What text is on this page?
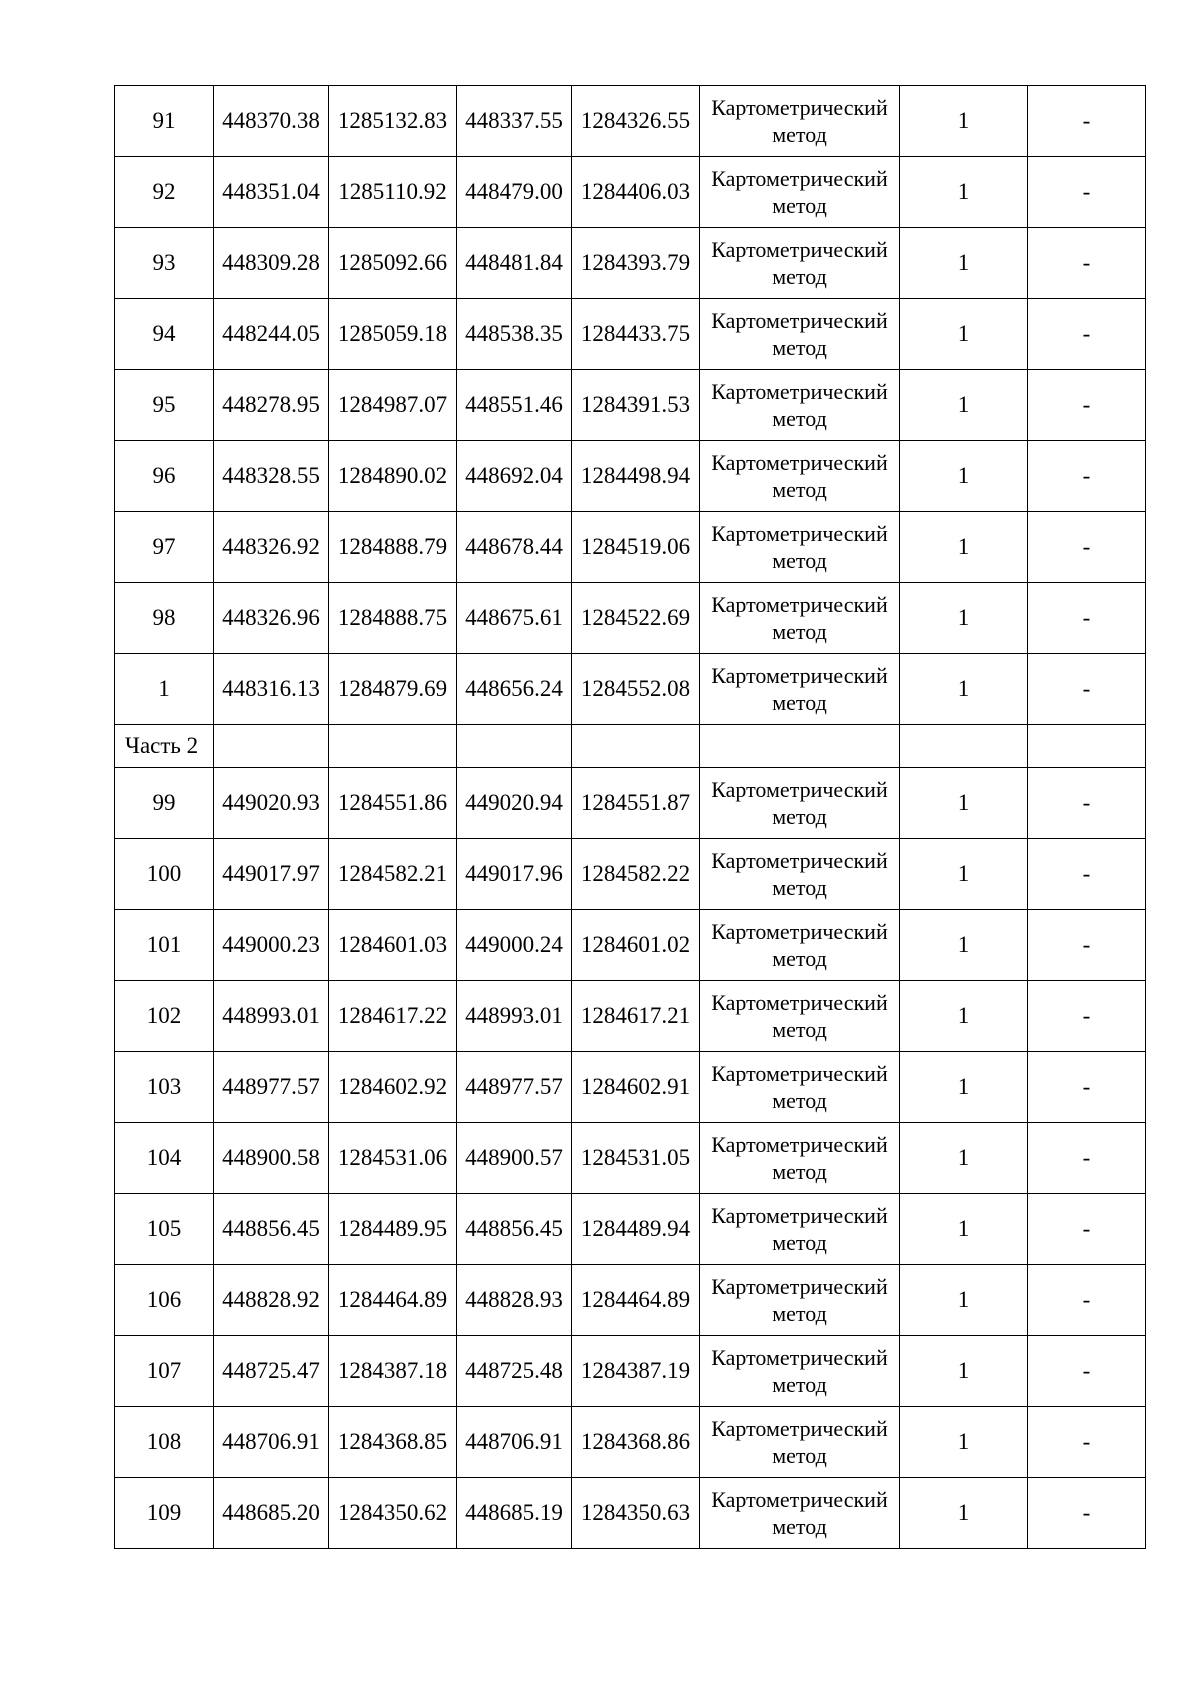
91	448370.38	1285132.83	448337.55	1284326.55	Картометрический метод	1	-
92	448351.04	1285110.92	448479.00	1284406.03	Картометрический метод	1	-
93	448309.28	1285092.66	448481.84	1284393.79	Картометрический метод	1	-
94	448244.05	1285059.18	448538.35	1284433.75	Картометрический метод	1	-
95	448278.95	1284987.07	448551.46	1284391.53	Картометрический метод	1	-
96	448328.55	1284890.02	448692.04	1284498.94	Картометрический метод	1	-
97	448326.92	1284888.79	448678.44	1284519.06	Картометрический метод	1	-
98	448326.96	1284888.75	448675.61	1284522.69	Картометрический метод	1	-
1	448316.13	1284879.69	448656.24	1284552.08	Картометрический метод	1	-
Часть 2							
99	449020.93	1284551.86	449020.94	1284551.87	Картометрический метод	1	-
100	449017.97	1284582.21	449017.96	1284582.22	Картометрический метод	1	-
101	449000.23	1284601.03	449000.24	1284601.02	Картометрический метод	1	-
102	448993.01	1284617.22	448993.01	1284617.21	Картометрический метод	1	-
103	448977.57	1284602.92	448977.57	1284602.91	Картометрический метод	1	-
104	448900.58	1284531.06	448900.57	1284531.05	Картометрический метод	1	-
105	448856.45	1284489.95	448856.45	1284489.94	Картометрический метод	1	-
106	448828.92	1284464.89	448828.93	1284464.89	Картометрический метод	1	-
107	448725.47	1284387.18	448725.48	1284387.19	Картометрический метод	1	-
108	448706.91	1284368.85	448706.91	1284368.86	Картометрический метод	1	-
109	448685.20	1284350.62	448685.19	1284350.63	Картометрический метод	1	-
